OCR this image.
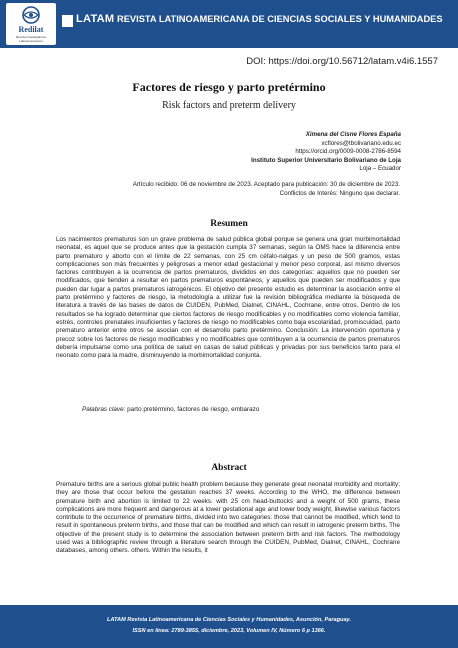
Redilat
Red de Investigadores Latinoamericanos
LATAM REVISTA LATINOAMERICANA DE CIENCIAS SOCIALES Y HUMANIDADES
DOI: https://doi.org/10.56712/latam.v4i6.1557
Factores de riesgo y parto pretérmino
Risk factors and preterm delivery
Ximena del Cisne Flores España
xcflores@tbolivariano.edu.ec
https://orcid.org/0009-0008-2786-8594
Instituto Superior Universitario Bolivariano de Loja
Loja – Ecuador
Artículo recibido: 06 de noviembre de 2023. Aceptado para publicación: 30 de diciembre de 2023.
Conflictos de Interés: Ninguno que declarar.
Resumen
Los nacimientos prematuros son un grave problema de salud pública global porque se genera una gran morbimortalidad neonatal, es aquel que se produce antes que la gestación cumpla 37 semanas, según la OMS hace la diferencia entre parto prematuro y aborto con el límite de 22 semanas, con 25 cm céfalo-nalgas y un peso de 500 gramos, estas complicaciones son más frecuentes y peligrosas a menor edad gestacional y menor peso corporal, así mismo diversos factores contribuyen a la ocurrencia de partos prematuros, divididos en dos categorías: aquellos que no pueden ser modificados, que tienden a resultar en partos prematuros espontáneos, y aquellos que pueden ser modificados y que pueden dar lugar a partos prematuros iatrogénicos. El objetivo del presente estudio es determinar la asociación entre el parto pretérmino y factores de riesgo, la metodología a utilizar fue la revisión bibliográfica mediante la búsqueda de literatura a través de las bases de datos de CUIDEN, PubMed, Dialnet, CINAHL, Cochrane, entre otros. Dentro de los resultados se ha logrado determinar que ciertos factores de riesgo modificables y no modificables como violencia familiar, estrés, controles prenatales insuficientes y factores de riesgo no modificables como baja escolaridad, promiscuidad, parto prematuro anterior entre otros se asocian con el desarrollo parto pretérmino. Conclusión: La intervención oportuna y precoz sobre los factores de riesgo modificables y no modificables que contribuyen a la ocurrencia de partos prematuros debería impulsarse como una política de salud en casas de salud públicas y privadas por sus beneficios tanto para el neonato como para la madre, disminuyendo la morbimortalidad conjunta.
Palabras clave: parto pretérmino, factores de riesgo, embarazo
Abstract
Premature births are a serious global public health problem because they generate great neonatal morbidity and mortality; they are those that occur before the gestation reaches 37 weeks. According to the WHO, the difference between premature birth and abortion is limited to 22 weeks. with 25 cm head-buttocks and a weight of 500 grams, these complications are more frequent and dangerous at a lower gestational age and lower body weight, likewise various factors contribute to the occurrence of premature births, divided into two categories: those that cannot be modified, which tend to result in spontaneous preterm births, and those that can be modified and which can result in iatrogenic preterm births. The objective of the present study is to determine the association between preterm birth and risk factors. The methodology used was a bibliographic review through a literature search through the CUIDEN, PubMed, Dialnet, CINAHL, Cochrane databases, among others. others. Within the results, it
LATAM Revista Latinoamericana de Ciencias Sociales y Humanidades, Asunción, Paraguay.
ISSN en línea: 2789-3855, diciembre, 2023, Volumen IV, Número 6 p 1366.
